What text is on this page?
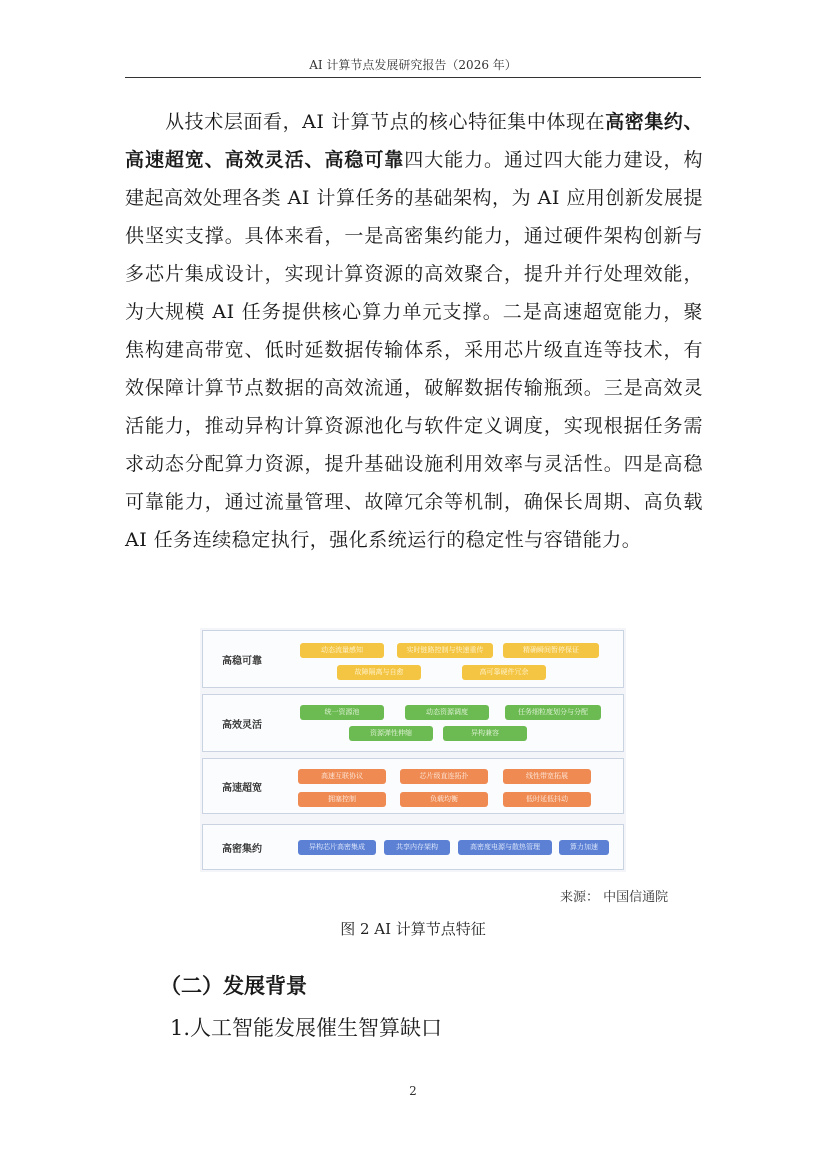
AI 计算节点发展研究报告（2026 年）

从技术层面看，AI 计算节点的核心特征集中体现在高密集约、高速超宽、高效灵活、高稳可靠四大能力。通过四大能力建设，构建起高效处理各类 AI 计算任务的基础架构，为 AI 应用创新发展提供坚实支撑。具体来看，一是高密集约能力，通过硬件架构创新与多芯片集成设计，实现计算资源的高效聚合，提升并行处理效能，为大规模 AI 任务提供核心算力单元支撑。二是高速超宽能力，聚焦构建高带宽、低时延数据传输体系，采用芯片级直连等技术，有效保障计算节点数据的高效流通，破解数据传输瓶颈。三是高效灵活能力，推动异构计算资源池化与软件定义调度，实现根据任务需求动态分配算力资源，提升基础设施利用效率与灵活性。四是高稳可靠能力，通过流量管理、故障冗余等机制，确保长周期、高负载 AI 任务连续稳定执行，强化系统运行的稳定性与容错能力。

高稳可靠
动态流量感知	实时链路控制与快速重传	精确瞬间暂停保证
故障隔离与自愈	高可靠硬件冗余
高效灵活
统一资源池	动态资源调度	任务细粒度划分与分配
资源弹性伸缩	异构兼容
高速超宽
高速互联协议	芯片级直连拓扑	线性带宽拓展
拥塞控制	负载均衡	低时延低抖动
高密集约	异构芯片高密集成	共享内存架构	高密度电源与散热管理	算力加速
来源： 中国信通院
图 2 AI 计算节点特征
（二）发展背景
1.人工智能发展催生智算缺口
2
